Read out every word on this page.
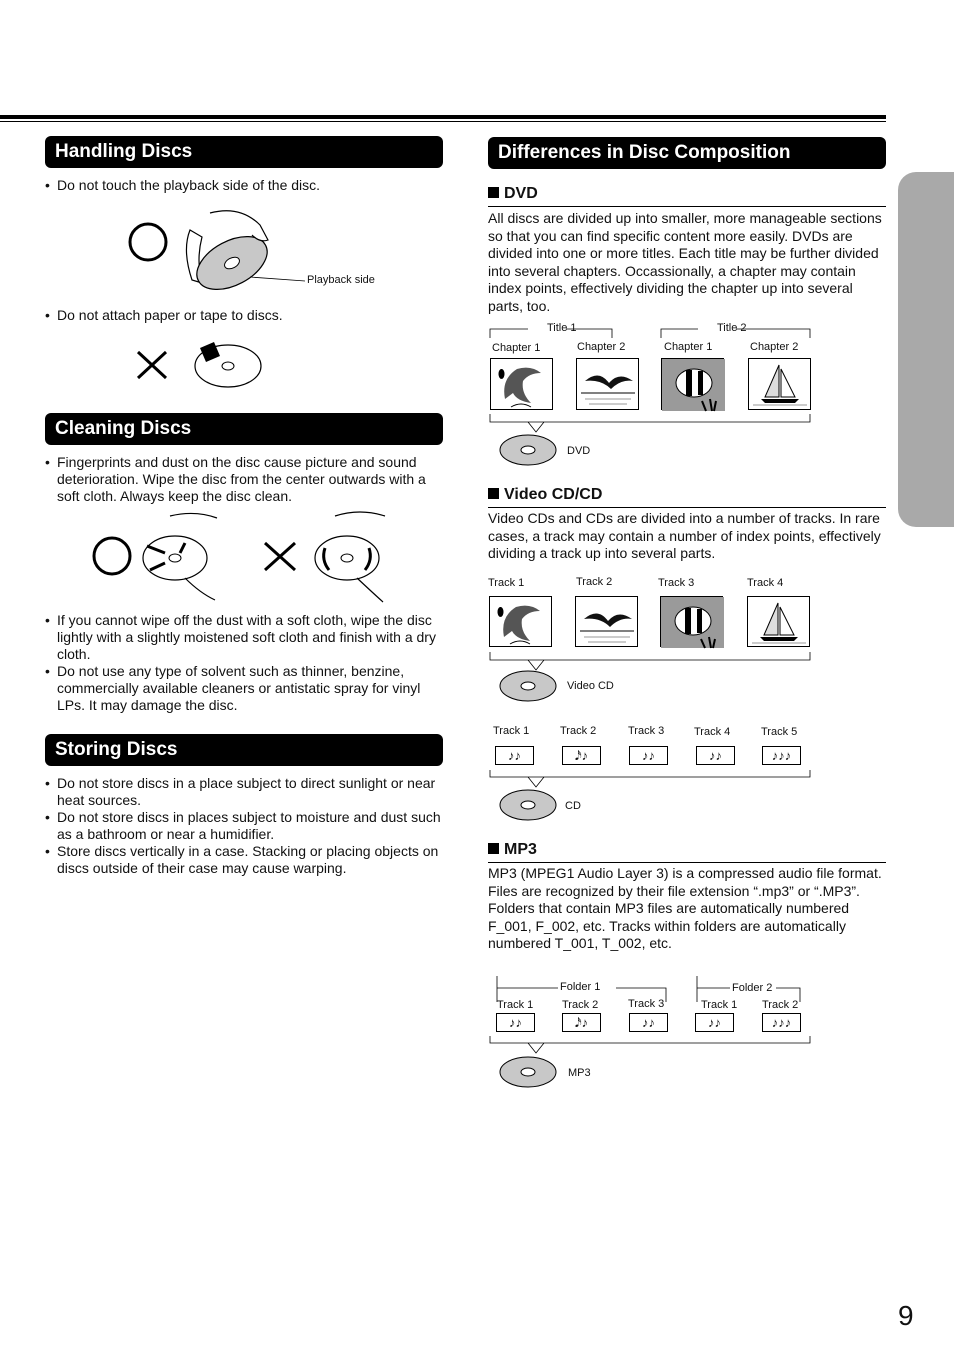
Handling Discs
• Do not touch the playback side of the disc.
Playback side
• Do not attach paper or tape to discs.
Cleaning Discs
• Fingerprints and dust on the disc cause picture and sound deterioration. Wipe the disc from the center outwards with a soft cloth. Always keep the disc clean.
• If you cannot wipe off the dust with a soft cloth, wipe the disc lightly with a slightly moistened soft cloth and finish with a dry cloth.
• Do not use any type of solvent such as thinner, benzine, commercially available cleaners or antistatic spray for vinyl LPs. It may damage the disc.
Storing Discs
• Do not store discs in a place subject to direct sunlight or near heat sources.
• Do not store discs in places subject to moisture and dust such as a bathroom or near a humidifier.
• Store discs vertically in a case. Stacking or placing objects on discs outside of their case may cause warping.
Differences in Disc Composition
DVD
All discs are divided up into smaller, more manageable sections so that you can find specific content more easily. DVDs are divided into one or more titles. Each title may be further divided into several chapters. Occassionally, a chapter may contain index points, effectively dividing the chapter up into several parts, too.
Title 1	Title 2
Chapter 1	Chapter 2	Chapter 1	Chapter 2
DVD
Video CD/CD
Video CDs and CDs are divided into a number of tracks. In rare cases, a track may contain a number of index points, effectively dividing a track up into several parts.
Track 1	Track 2	Track 3	Track 4
Video CD
Track 1	Track 2	Track 3	Track 4	Track 5
♪♪	𝅘𝅥𝅯♪	♪♪	♪♪	♪♪♪
CD
MP3
MP3 (MPEG1 Audio Layer 3) is a compressed audio file format. Files are recognized by their file extension “.mp3” or “.MP3”. Folders that contain MP3 files are automatically numbered F_001, F_002, etc. Tracks within folders are automatically numbered T_001, T_002, etc.
Folder 1	Folder 2
Track 1	Track 2	Track 3	Track 1 Track 2
♪♪	𝅘𝅥𝅯♪	♪♪	♪♪	♪♪♪
MP3
9
